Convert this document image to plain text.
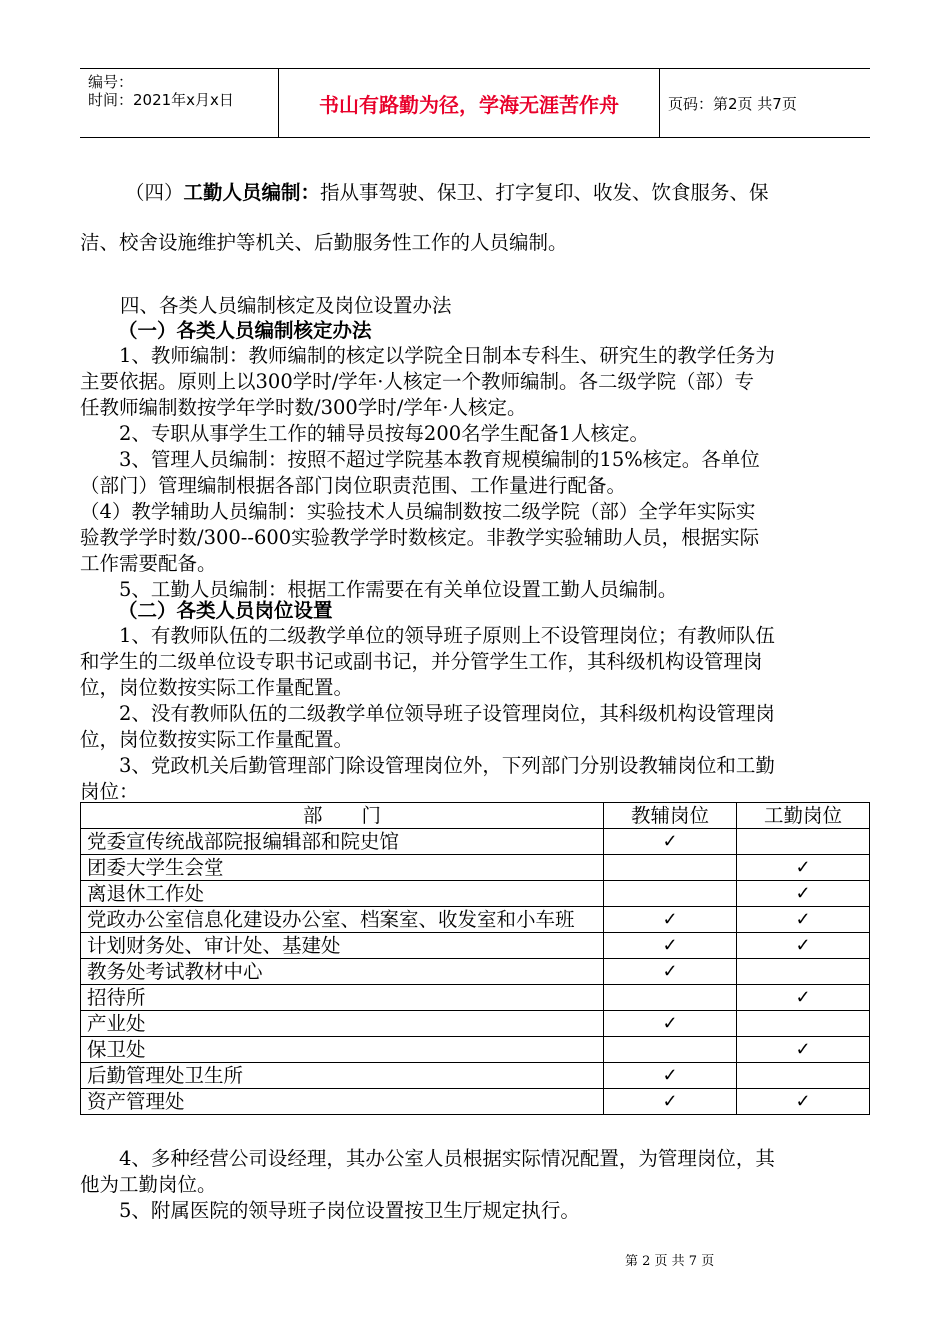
编号：
时间：2021年x月x日	书山有路勤为径，学海无涯苦作舟	页码：第2页 共7页
（四）工勤人员编制：指从事驾驶、保卫、打字复印、收发、饮食服务、保
洁、校舍设施维护等机关、后勤服务性工作的人员编制。
四、各类人员编制核定及岗位设置办法
（一）各类人员编制核定办法
　　1、教师编制：教师编制的核定以学院全日制本专科生、研究生的教学任务为
主要依据。原则上以300学时/学年·人核定一个教师编制。各二级学院（部）专
任教师编制数按学年学时数/300学时/学年·人核定。
　　2、专职从事学生工作的辅导员按每200名学生配备1人核定。
　　3、管理人员编制：按照不超过学院基本教育规模编制的15%核定。各单位
（部门）管理编制根据各部门岗位职责范围、工作量进行配备。
（4）教学辅助人员编制：实验技术人员编制数按二级学院（部）全学年实际实
验教学学时数/300--600实验教学学时数核定。非教学实验辅助人员，根据实际
工作需要配备。
　　5、工勤人员编制：根据工作需要在有关单位设置工勤人员编制。
（二）各类人员岗位设置
　　1、有教师队伍的二级教学单位的领导班子原则上不设管理岗位；有教师队伍
和学生的二级单位设专职书记或副书记，并分管学生工作，其科级机构设管理岗
位，岗位数按实际工作量配置。
　　2、没有教师队伍的二级教学单位领导班子设管理岗位，其科级机构设管理岗
位，岗位数按实际工作量配置。
　　3、党政机关后勤管理部门除设管理岗位外，下列部门分别设教辅岗位和工勤
岗位：
部　　门	教辅岗位	工勤岗位
党委宣传统战部院报编辑部和院史馆	✓	
团委大学生会堂		✓
离退休工作处		✓
党政办公室信息化建设办公室、档案室、收发室和小车班	✓	✓
计划财务处、审计处、基建处	✓	✓
教务处考试教材中心	✓	
招待所		✓
产业处	✓	
保卫处		✓
后勤管理处卫生所	✓	
资产管理处	✓	✓
　　4、多种经营公司设经理，其办公室人员根据实际情况配置，为管理岗位，其
他为工勤岗位。
　　5、附属医院的领导班子岗位设置按卫生厅规定执行。
第 2 页 共 7 页
